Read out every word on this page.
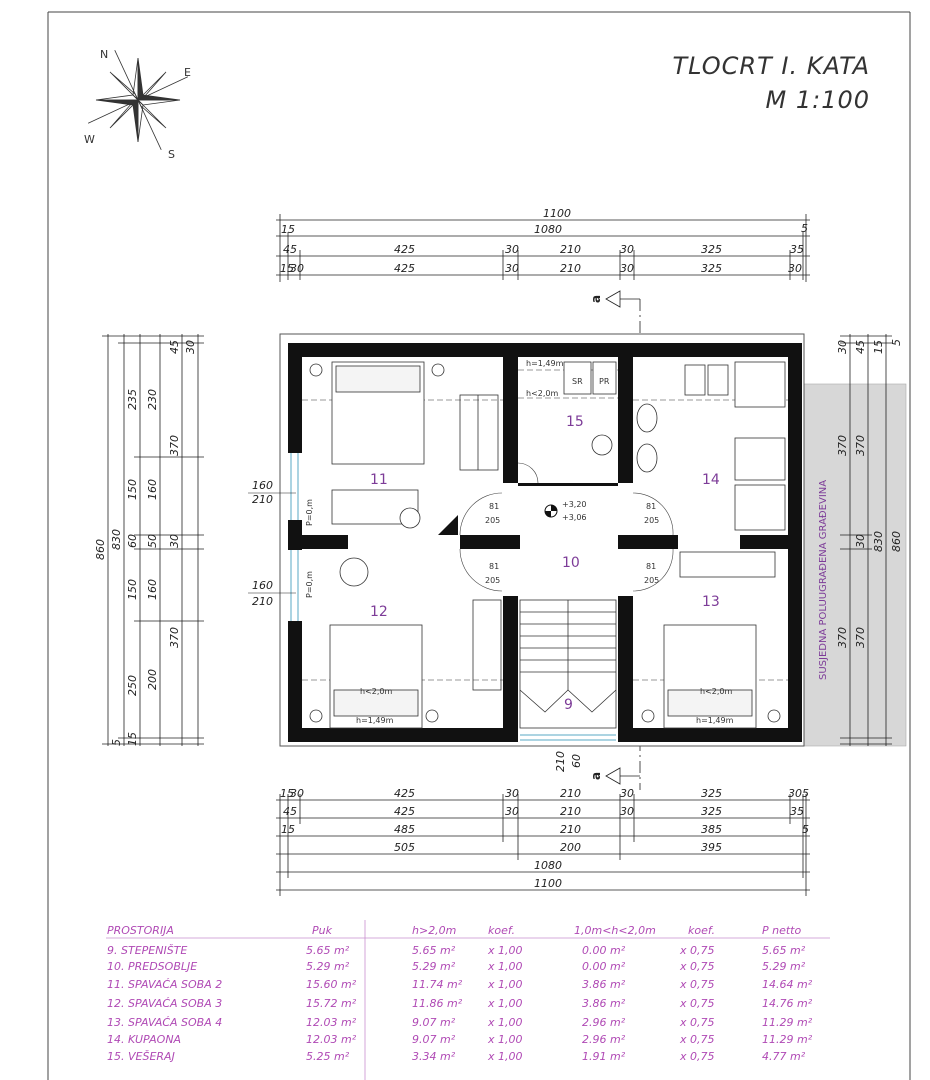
TLOCRT I. KATA
M 1:100
N
E
S
W
1100
1080
15
45	425	30	210	30	325	35
15
30	425	30	210	30	325	30
5
a
a
SUSJEDNA POLUUGRAĐENA GRAĐEVINA
160
210
160
210
210 60
SR PR
81
205
81
205
81
205
81
205
+3,20
+3,06
11
12
13
14
15
10
9
h=1,49m
h<2,0m
h<2,0m
h=1,49m
h<2,0m
h=1,49m
P=0,m
P=0,m
860 830
235 230
370
150 160
60 50 30
150 160
370
250 200
45
5 15
30
370
370
30
370
370
830 860
45 15 5
30
15
30	425	30	210	30	325	30 5
45	425	30	210	30	325	35
15	485	210	385	5
505	200	395
1080
1100
PROSTORIJA	Puk	h>2,0m	koef.	1,0m<h<2,0m	koef.	P netto
9. STEPENIŠTE	5.65 m²	5.65 m²	x 1,00	0.00 m²	x 0,75	5.65 m²
10. PREDSOBLJE	5.29 m²	5.29 m²	x 1,00	0.00 m²	x 0,75	5.29 m²
11. SPAVAĆA SOBA 2	15.60 m²	11.74 m² x 1,00	3.86 m²	x 0,75	14.64 m²
12. SPAVAĆA SOBA 3	15.72 m²	11.86 m² x 1,00	3.86 m²	x 0,75	14.76 m²
13. SPAVAĆA SOBA 4	12.03 m²	9.07 m²	x 1,00	2.96 m²	x 0,75	11.29 m²
14. KUPAONA	12.03 m²	9.07 m²	x 1,00	2.96 m²	x 0,75	11.29 m²
15. VEŠERAJ	5.25 m²	3.34 m²	x 1,00	1.91 m²	x 0,75	4.77 m²
